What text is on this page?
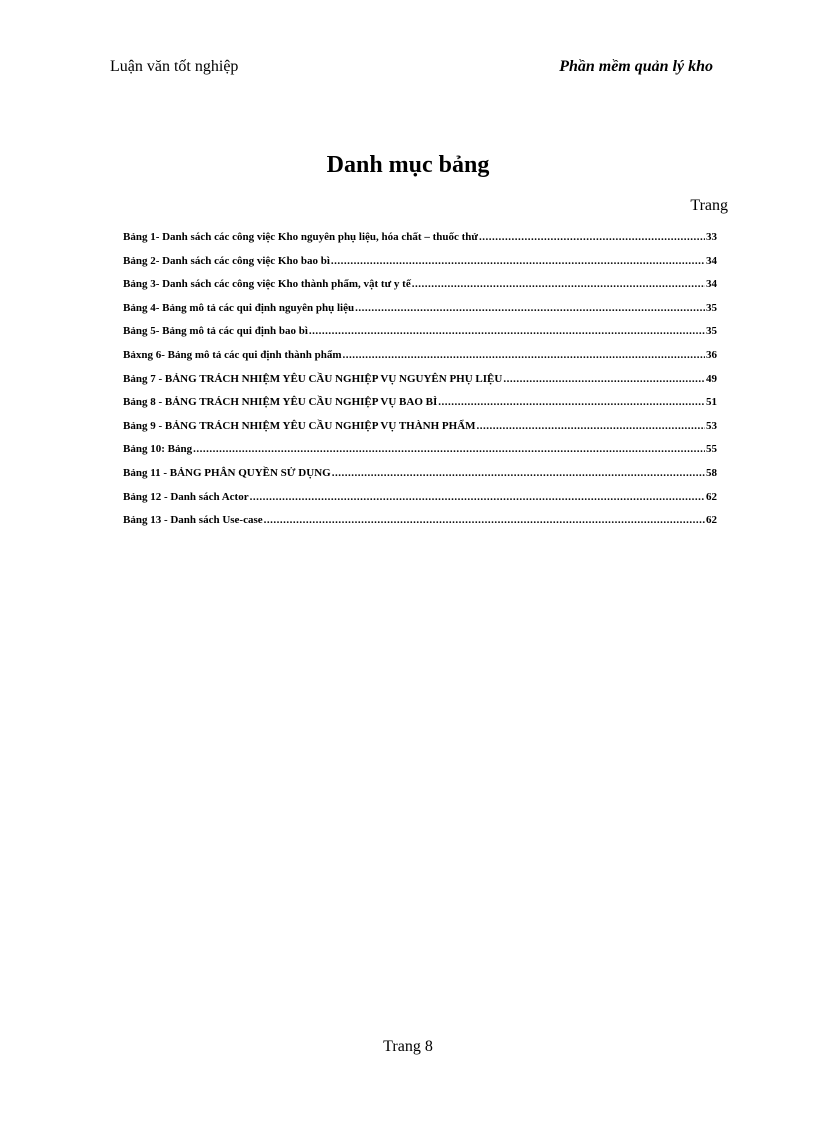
Luận văn tốt nghiệp	Phần mềm quản lý kho
Danh mục bảng
Trang
Bảng 1- Danh sách các công việc Kho nguyên phụ liệu, hóa chất – thuốc thử .....	33
Bảng 2- Danh sách các công việc Kho bao bì .....	34
Bảng 3- Danh sách các công việc Kho thành phẩm, vật tư y tế .....	34
Bảng 4- Bảng mô tả các qui định nguyên phụ liệu .....	35
Bảng 5- Bảng mô tả các qui định bao bì .....	35
Bảxng 6- Bảng mô tả các qui định thành phẩm .....	36
Bảng 7 - BẢNG TRÁCH NHIỆM YÊU CẦU NGHIỆP VỤ NGUYÊN PHỤ LIỆU .....	49
Bảng 8 - BẢNG TRÁCH NHIỆM YÊU CẦU NGHIỆP VỤ BAO BÌ .....	51
Bảng 9 - BẢNG TRÁCH NHIỆM YÊU CẦU NGHIỆP VỤ THÀNH PHẨM .....	53
Bảng 10: Bảng .....	55
Bảng 11 - BẢNG PHÂN QUYỀN SỬ DỤNG .....	58
Bảng 12 - Danh sách Actor .....	62
Bảng 13 - Danh sách Use-case .....	62
Trang 8
